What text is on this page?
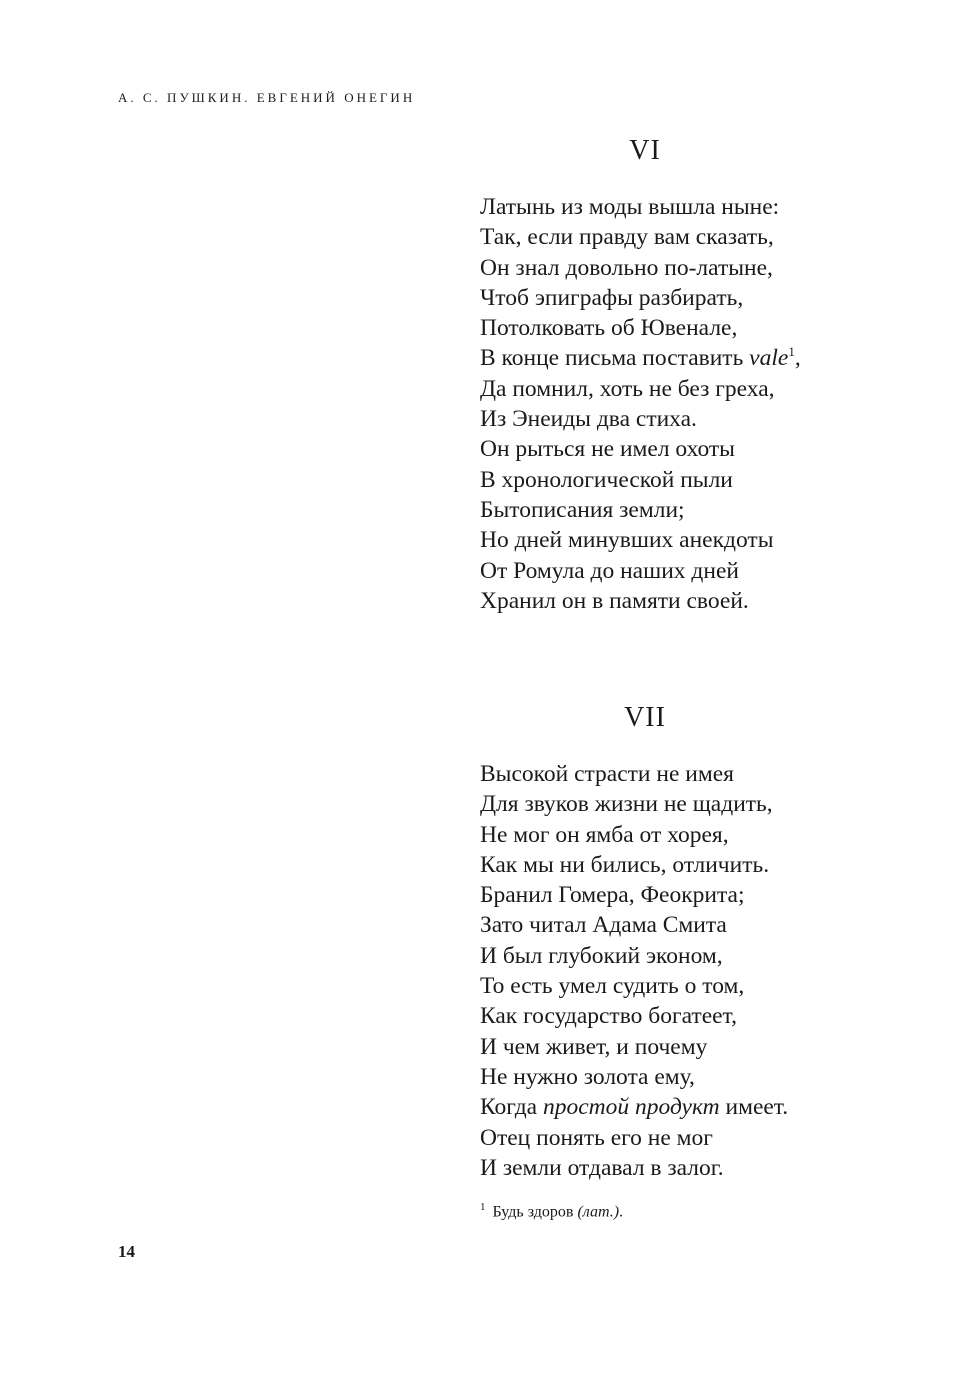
А. С. ПУШКИН. ЕВГЕНИЙ ОНЕГИН
VI
Латынь из моды вышла ныне:
Так, если правду вам сказать,
Он знал довольно по-латыне,
Чтоб эпиграфы разбирать,
Потолковать об Ювенале,
В конце письма поставить vale$^1$,
Да помнил, хоть не без греха,
Из Энеиды два стиха.
Он рыться не имел охоты
В хронологической пыли
Бытописания земли;
Но дней минувших анекдоты
От Ромула до наших дней
Хранил он в памяти своей.
VII
Высокой страсти не имея
Для звуков жизни не щадить,
Не мог он ямба от хорея,
Как мы ни бились, отличить.
Бранил Гомера, Феокрита;
Зато читал Адама Смита
И был глубокий эконом,
То есть умел судить о том,
Как государство богатеет,
И чем живет, и почему
Не нужно золота ему,
Когда простой продукт имеет.
Отец понять его не мог
И земли отдавал в залог.
$^1$ Будь здоров (лат.).
14
